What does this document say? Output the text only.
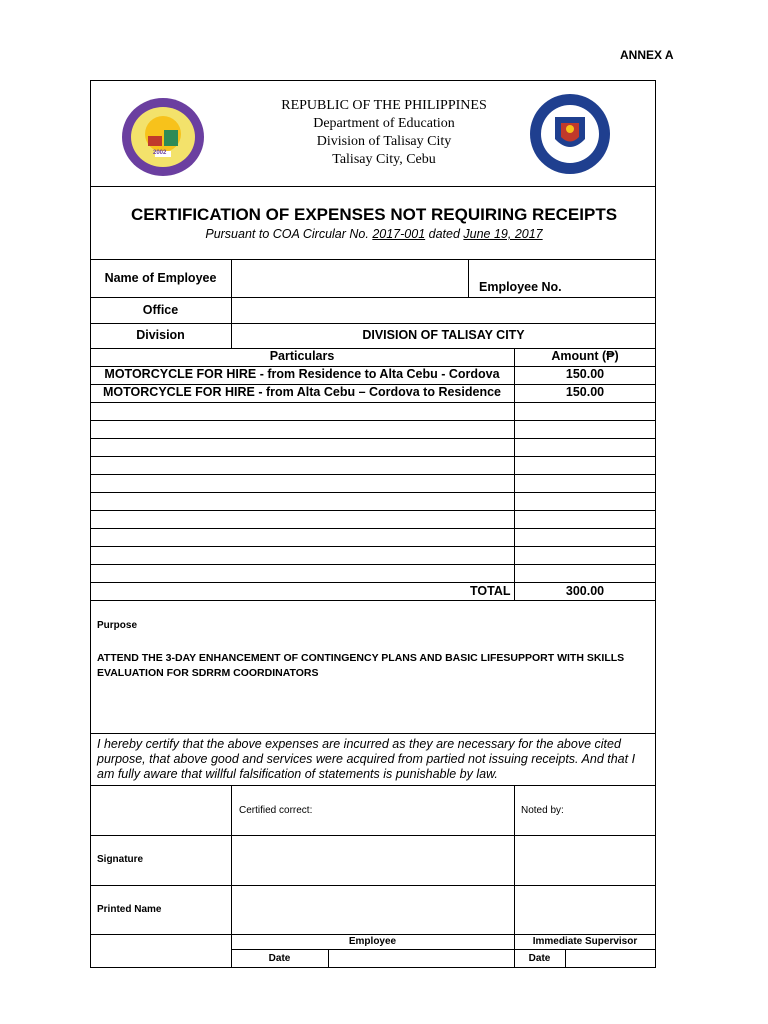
ANNEX A
2002
REPUBLIC OF THE PHILIPPINES
Department of Education
Division of Talisay City
Talisay City, Cebu
CERTIFICATION OF EXPENSES NOT REQUIRING RECEIPTS
Pursuant to COA Circular No. 2017-001 dated June 19, 2017
Name of Employee
Employee No.
Office
Division	DIVISION OF TALISAY CITY
Particulars	Amount (₱)
MOTORCYCLE FOR HIRE - from Residence to Alta Cebu - Cordova	150.00
MOTORCYCLE FOR HIRE - from Alta Cebu – Cordova to Residence	150.00
TOTAL	300.00
Purpose
ATTEND THE 3-DAY ENHANCEMENT OF CONTINGENCY PLANS AND BASIC LIFESUPPORT WITH SKILLS EVALUATION FOR SDRRM COORDINATORS
I hereby certify that the above expenses are incurred as they are necessary for the above cited purpose, that above good and services were acquired from partied not issuing receipts. And that I am fully aware that willful falsification of statements is punishable by law.
Certified correct:	Noted by:
Signature
Printed Name
Employee	Immediate Supervisor
Date	Date
